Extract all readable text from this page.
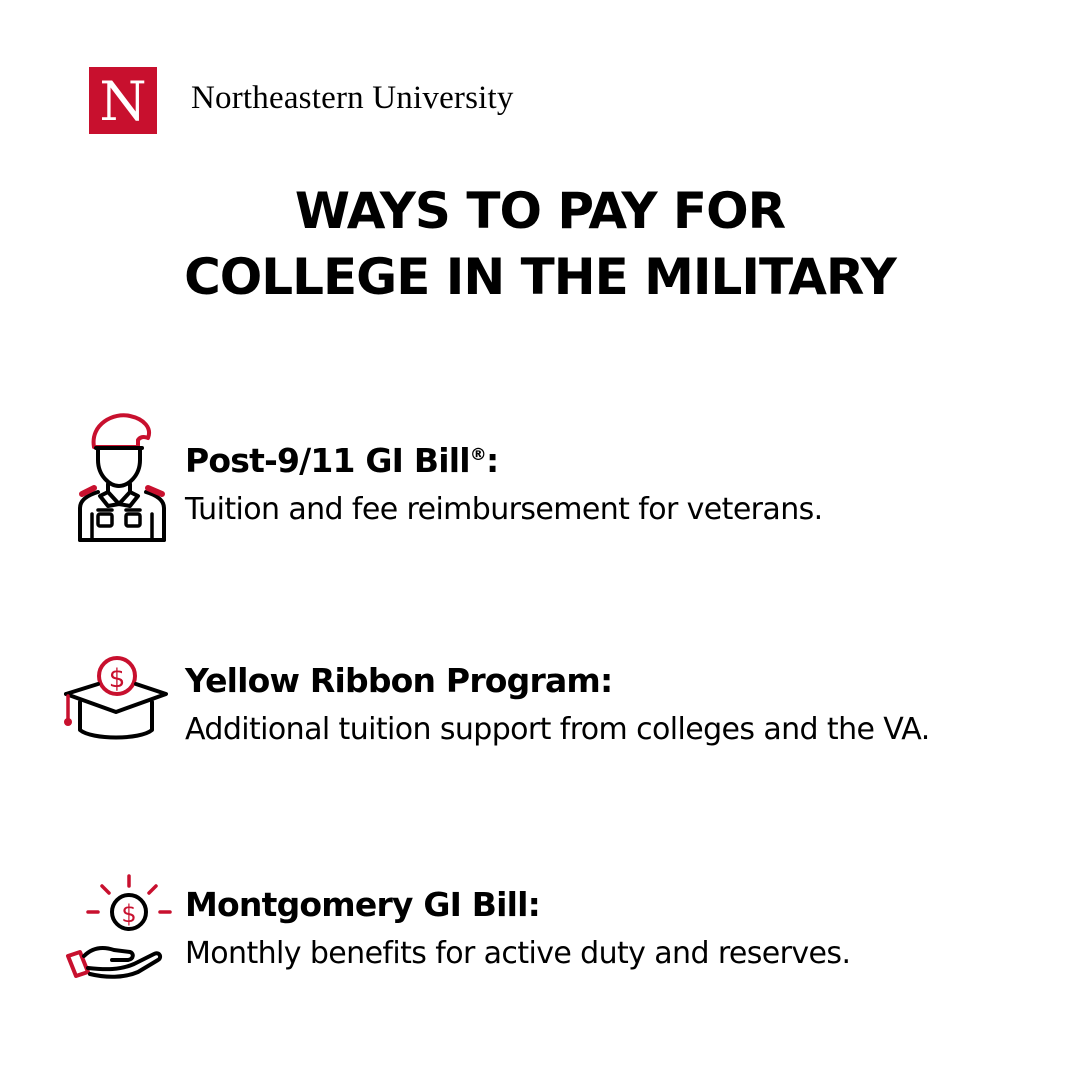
N Northeastern University
WAYS TO PAY FOR
COLLEGE IN THE MILITARY
Post-9/11 GI Bill®:
Tuition and fee reimbursement for veterans.
$ Yellow Ribbon Program:
Additional tuition support from colleges and the VA.
$ Montgomery GI Bill:
Monthly benefits for active duty and reserves.
